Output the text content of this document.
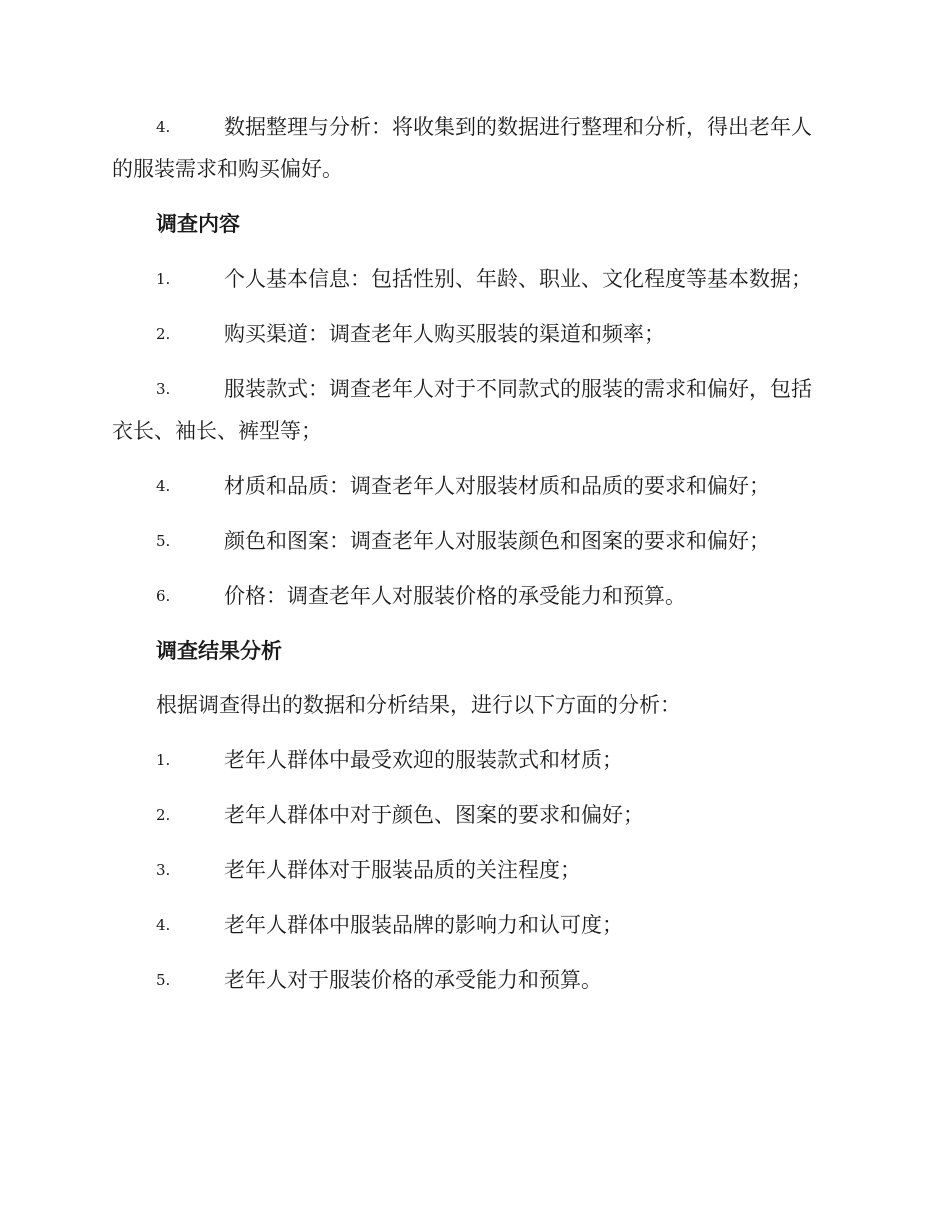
4.	数据整理与分析：将收集到的数据进行整理和分析，得出老年人
的服装需求和购买偏好。
调查内容
1.	个人基本信息：包括性别、年龄、职业、文化程度等基本数据；
2.	购买渠道：调查老年人购买服装的渠道和频率；
3.	服装款式：调查老年人对于不同款式的服装的需求和偏好，包括
衣长、袖长、裤型等；
4.	材质和品质：调查老年人对服装材质和品质的要求和偏好；
5.	颜色和图案：调查老年人对服装颜色和图案的要求和偏好；
6.	价格：调查老年人对服装价格的承受能力和预算。
调查结果分析
根据调查得出的数据和分析结果，进行以下方面的分析：
1.	老年人群体中最受欢迎的服装款式和材质；
2.	老年人群体中对于颜色、图案的要求和偏好；
3.	老年人群体对于服装品质的关注程度；
4.	老年人群体中服装品牌的影响力和认可度；
5.	老年人对于服装价格的承受能力和预算。
